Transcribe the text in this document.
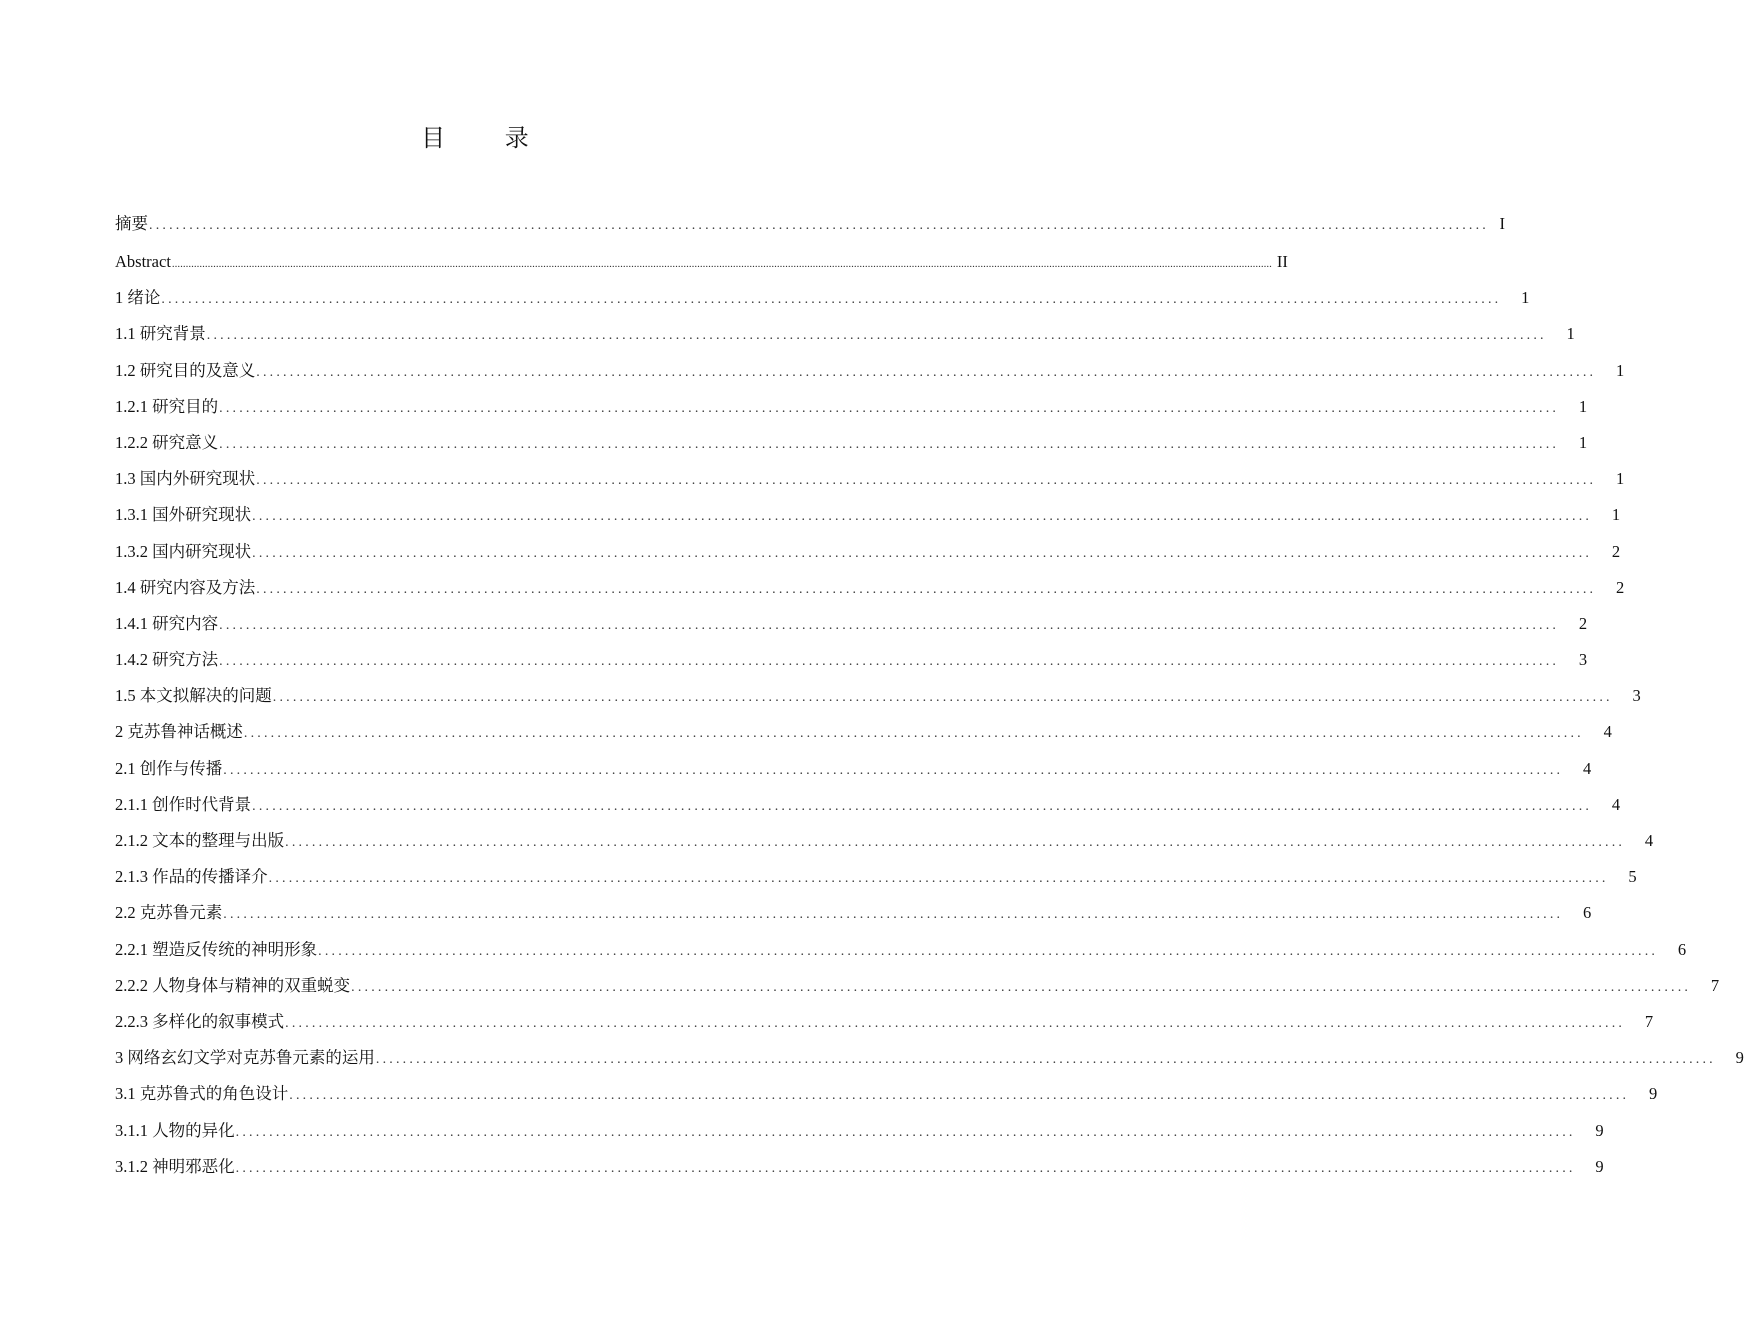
目 录
摘要 ........................................................................................................................................................................................................ I
Abstract ................................................................................................................................................................................................................................................................................................................................................................................................................ II
1 绪论 ........................................................................................................................................................................................................	1
1.1 研究背景 ........................................................................................................................................................................................................	1
1.2 研究目的及意义 ........................................................................................................................................................................................................	1
1.2.1 研究目的 ........................................................................................................................................................................................................	1
1.2.2 研究意义 ........................................................................................................................................................................................................	1
1.3 国内外研究现状 ........................................................................................................................................................................................................	1
1.3.1 国外研究现状 ........................................................................................................................................................................................................	1
1.3.2 国内研究现状 ........................................................................................................................................................................................................	2
1.4 研究内容及方法 ........................................................................................................................................................................................................	2
1.4.1 研究内容 ........................................................................................................................................................................................................	2
1.4.2 研究方法 ........................................................................................................................................................................................................	3
1.5 本文拟解决的问题 ........................................................................................................................................................................................................	3
2 克苏鲁神话概述 ........................................................................................................................................................................................................	4
2.1 创作与传播 ........................................................................................................................................................................................................	4
2.1.1 创作时代背景 ........................................................................................................................................................................................................	4
2.1.2 文本的整理与出版 ........................................................................................................................................................................................................	4
2.1.3 作品的传播译介 ........................................................................................................................................................................................................	5
2.2 克苏鲁元素 ........................................................................................................................................................................................................	6
2.2.1 塑造反传统的神明形象 ........................................................................................................................................................................................................	6
2.2.2 人物身体与精神的双重蜕变 ........................................................................................................................................................................................................	7
2.2.3 多样化的叙事模式 ........................................................................................................................................................................................................	7
3 网络玄幻文学对克苏鲁元素的运用 ........................................................................................................................................................................................................	9
3.1 克苏鲁式的角色设计 ........................................................................................................................................................................................................	9
3.1.1 人物的异化 ........................................................................................................................................................................................................	9
3.1.2 神明邪恶化 ........................................................................................................................................................................................................	9
